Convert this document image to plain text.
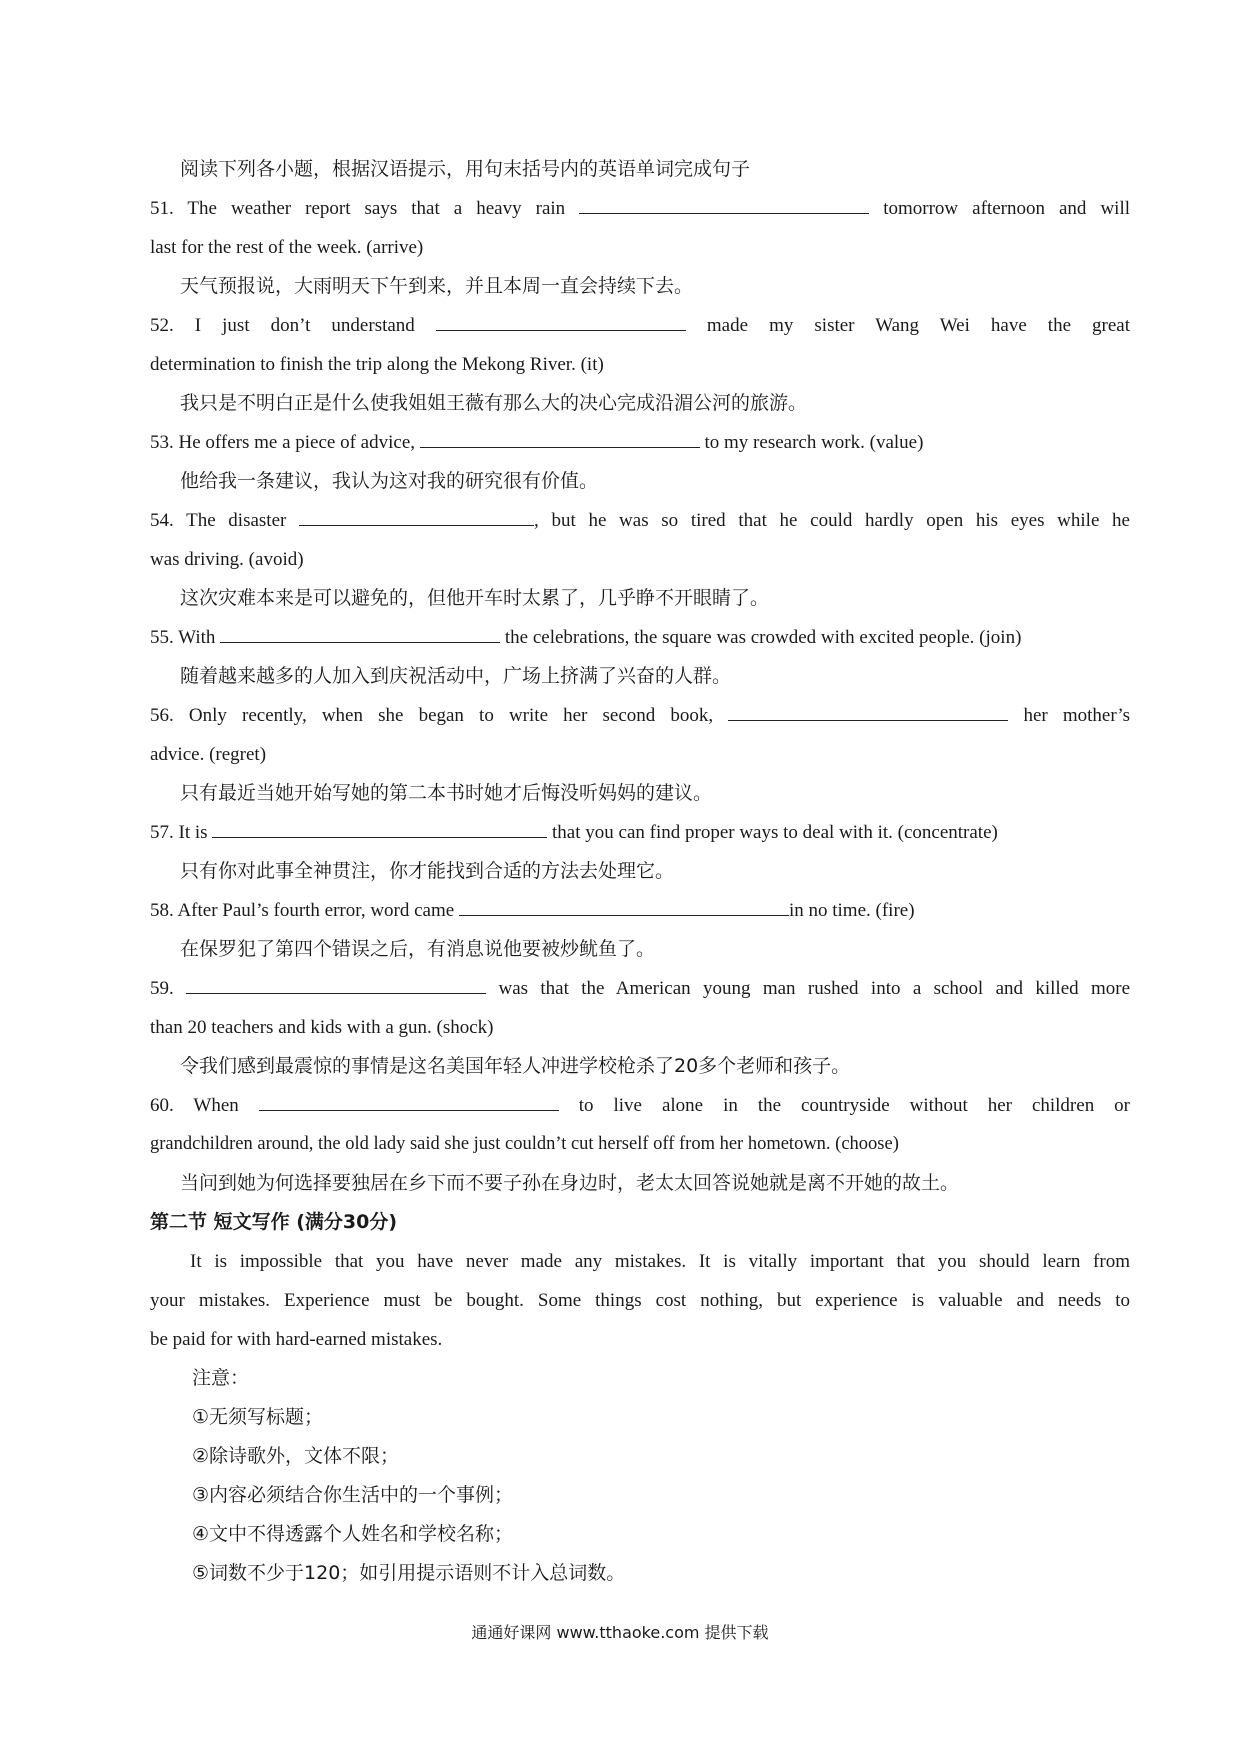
阅读下列各小题，根据汉语提示，用句末括号内的英语单词完成句子
51. The weather report says that a heavy rain	tomorrow afternoon and will
last for the rest of the week. (arrive)
天气预报说，大雨明天下午到来，并且本周一直会持续下去。
52. I just don’t understand	made my sister Wang Wei have the great
determination to finish the trip along the Mekong River. (it)
我只是不明白正是什么使我姐姐王薇有那么大的决心完成沿湄公河的旅游。
53. He offers me a piece of advice,	to my research work. (value)
他给我一条建议，我认为这对我的研究很有价值。
54. The disaster	, but he was so tired that he could hardly open his eyes while he
was driving. (avoid)
这次灾难本来是可以避免的，但他开车时太累了，几乎睁不开眼睛了。
55. With	the celebrations, the square was crowded with excited people. (join)
随着越来越多的人加入到庆祝活动中，广场上挤满了兴奋的人群。
56. Only recently, when she began to write her second book,	her mother’s
advice. (regret)
只有最近当她开始写她的第二本书时她才后悔没听妈妈的建议。
57. It is	that you can find proper ways to deal with it. (concentrate)
只有你对此事全神贯注，你才能找到合适的方法去处理它。
58. After Paul’s fourth error, word came	in no time. (fire)
在保罗犯了第四个错误之后，有消息说他要被炒鱿鱼了。
59.	was that the American young man rushed into a school and killed more
than 20 teachers and kids with a gun. (shock)
令我们感到最震惊的事情是这名美国年轻人冲进学校枪杀了20多个老师和孩子。
60. When	to live alone in the countryside without her children or
grandchildren around, the old lady said she just couldn’t cut herself off from her hometown. (choose)
当问到她为何选择要独居在乡下而不要子孙在身边时，老太太回答说她就是离不开她的故土。
第二节 短文写作 (满分30分)
It is impossible that you have never made any mistakes. It is vitally important that you should learn from
your mistakes. Experience must be bought. Some things cost nothing, but experience is valuable and needs to
be paid for with hard-earned mistakes.
注意：
①无须写标题；
②除诗歌外，文体不限；
③内容必须结合你生活中的一个事例；
④文中不得透露个人姓名和学校名称；
⑤词数不少于120；如引用提示语则不计入总词数。
通通好课网 www.tthaoke.com 提供下载
